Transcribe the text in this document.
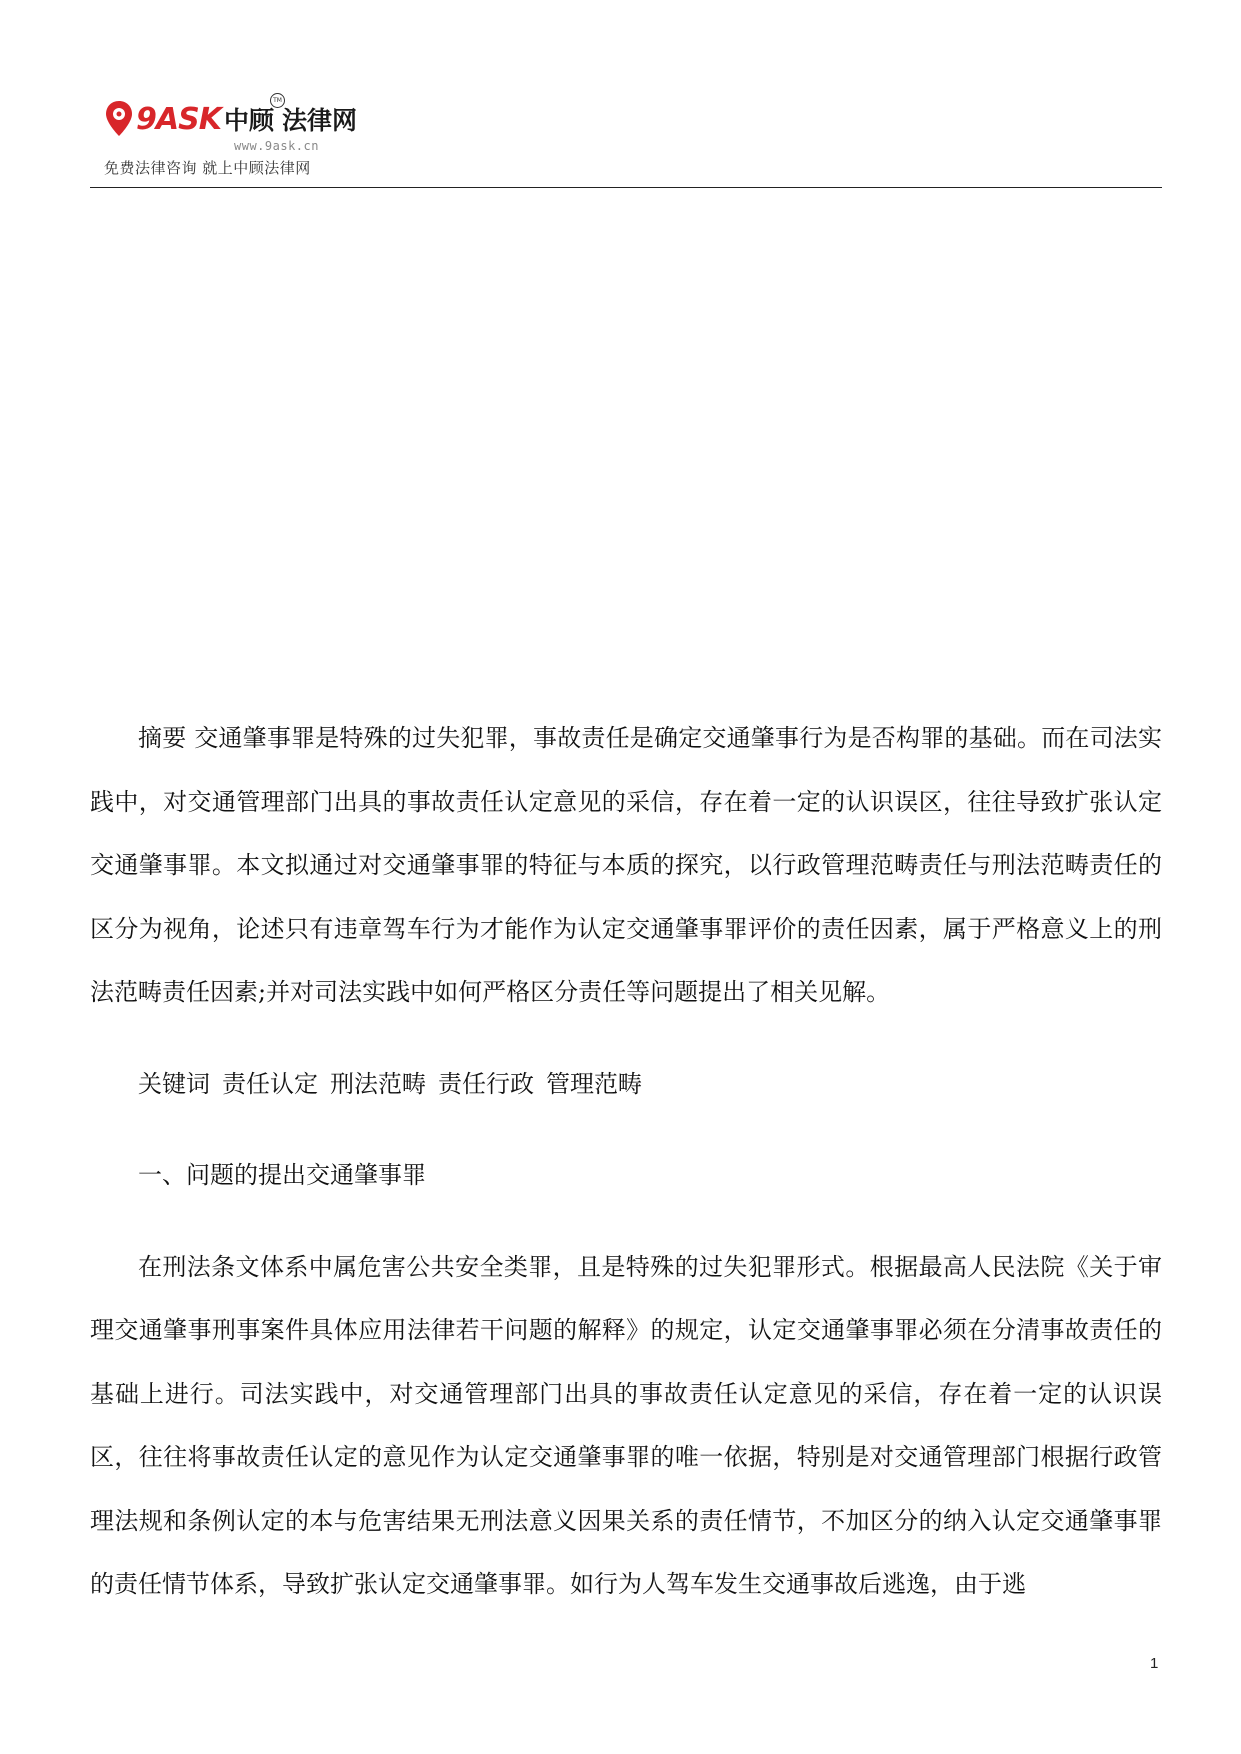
9ASK 中顾 法律网
TM
www.9ask.cn
免费法律咨询 就上中顾法律网

摘要 交通肇事罪是特殊的过失犯罪，事故责任是确定交通肇事行为是否构罪的基础。而在司法实践中，对交通管理部门出具的事故责任认定意见的采信，存在着一定的认识误区，往往导致扩张认定交通肇事罪。本文拟通过对交通肇事罪的特征与本质的探究，以行政管理范畴责任与刑法范畴责任的区分为视角，论述只有违章驾车行为才能作为认定交通肇事罪评价的责任因素，属于严格意义上的刑法范畴责任因素;并对司法实践中如何严格区分责任等问题提出了相关见解。

关键词 责任认定 刑法范畴 责任行政 管理范畴

一、问题的提出交通肇事罪

在刑法条文体系中属危害公共安全类罪，且是特殊的过失犯罪形式。根据最高人民法院《关于审理交通肇事刑事案件具体应用法律若干问题的解释》的规定，认定交通肇事罪必须在分清事故责任的基础上进行。司法实践中，对交通管理部门出具的事故责任认定意见的采信，存在着一定的认识误区，往往将事故责任认定的意见作为认定交通肇事罪的唯一依据，特别是对交通管理部门根据行政管理法规和条例认定的本与危害结果无刑法意义因果关系的责任情节，不加区分的纳入认定交通肇事罪的责任情节体系，导致扩张认定交通肇事罪。如行为人驾车发生交通事故后逃逸，由于逃

1
